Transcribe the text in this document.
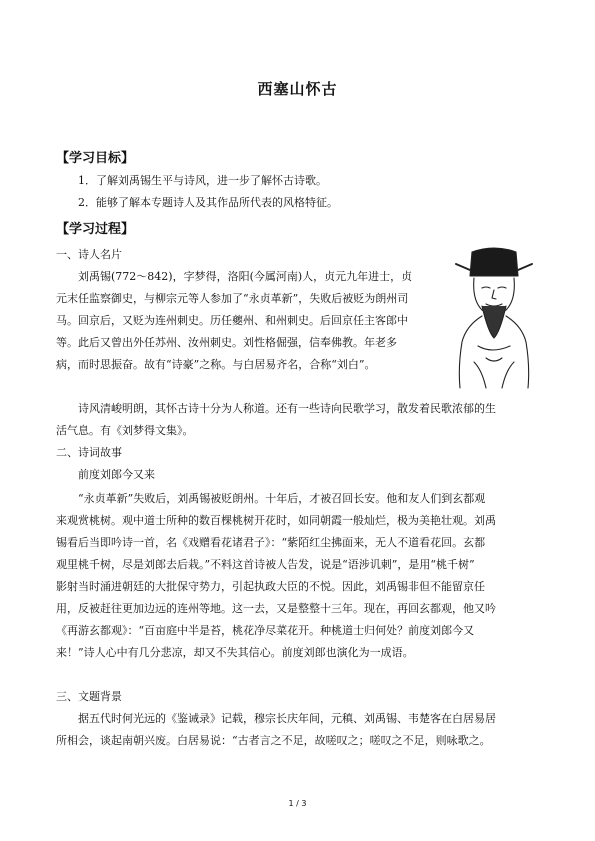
西塞山怀古
【学习目标】
1．了解刘禹锡生平与诗风，进一步了解怀古诗歌。
2．能够了解本专题诗人及其作品所代表的风格特征。
【学习过程】
一、诗人名片
刘禹锡(772～842)，字梦得，洛阳(今属河南)人，贞元九年进士，贞
元末任监察御史，与柳宗元等人参加了“永贞革新”，失败后被贬为朗州司
马。回京后，又贬为连州刺史。历任夔州、和州刺史。后回京任主客郎中
等。此后又曾出外任苏州、汝州刺史。刘性格倔强，信奉佛教。年老多
病，而时思振奋。故有“诗豪”之称。与白居易齐名，合称“刘白”。
诗风清峻明朗，其怀古诗十分为人称道。还有一些诗向民歌学习，散发着民歌浓郁的生
活气息。有《刘梦得文集》。
二、诗词故事
前度刘郎今又来
“永贞革新”失败后，刘禹锡被贬朗州。十年后，才被召回长安。他和友人们到玄都观
来观赏桃树。观中道士所种的数百棵桃树开花时，如同朝霞一般灿烂，极为美艳壮观。刘禹
锡看后当即吟诗一首，名《戏赠看花诸君子》：“紫陌红尘拂面来，无人不道看花回。玄都
观里桃千树，尽是刘郎去后栽。”不料这首诗被人告发，说是“语涉讥刺”，是用“桃千树”
影射当时涌进朝廷的大批保守势力，引起执政大臣的不悦。因此，刘禹锡非但不能留京任
用，反被赶往更加边远的连州等地。这一去，又是整整十三年。现在，再回玄都观，他又吟
《再游玄都观》：“百亩庭中半是苔，桃花净尽菜花开。种桃道士归何处？前度刘郎今又
来！”诗人心中有几分悲凉，却又不失其信心。前度刘郎也演化为一成语。
三、文题背景
据五代时何光远的《鉴诫录》记载，穆宗长庆年间，元稹、刘禹锡、韦楚客在白居易居
所相会，谈起南朝兴废。白居易说：“古者言之不足，故嗟叹之；嗟叹之不足，则咏歌之。
1 / 3
